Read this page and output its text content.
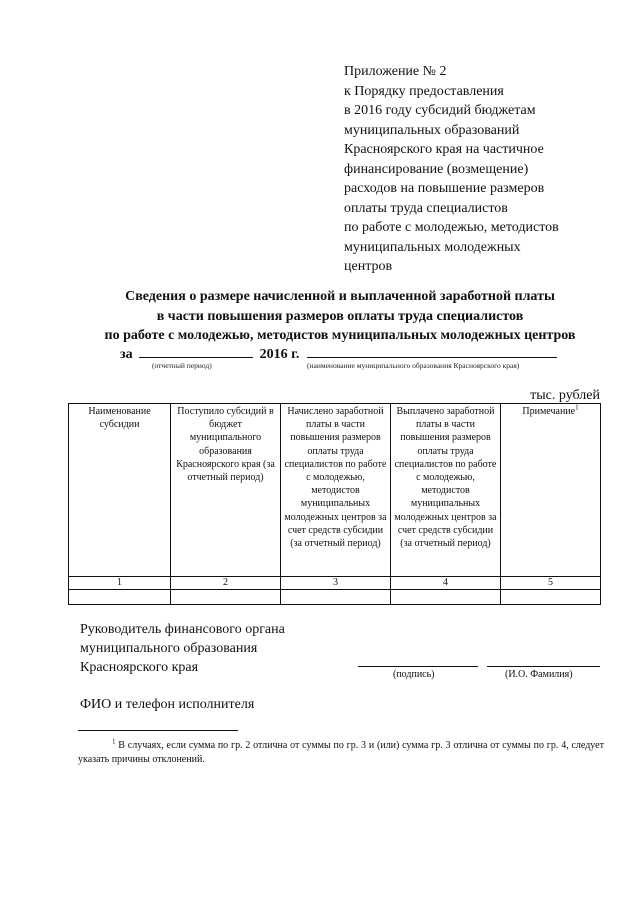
Приложение № 2
к Порядку предоставления
в 2016 году субсидий бюджетам
муниципальных образований
Красноярского края на частичное
финансирование (возмещение)
расходов на повышение размеров
оплаты труда специалистов
по работе с молодежью, методистов
муниципальных молодежных
центров
Сведения о размере начисленной и выплаченной заработной платы
в части повышения размеров оплаты труда специалистов
по работе с молодежью, методистов муниципальных молодежных центров
за	2016 г.
(отчетный период)	(наименование муниципального образования Красноярского края)
тыс. рублей
Наименование субсидии	Поступило субсидий в бюджет муниципального образования Красноярского края (за отчетный период)	Начислено заработной платы в части повышения размеров оплаты труда специалистов по работе с молодежью, методистов муниципальных молодежных центров за счет средств субсидии (за отчетный период)	Выплачено заработной платы в части повышения размеров оплаты труда специалистов по работе с молодежью, методистов муниципальных молодежных центров за счет средств субсидии (за отчетный период)	Примечание$^1$
1	2	3	4	5

Руководитель финансового органа
муниципального образования
Красноярского края	(подпись)	(И.О. Фамилия)
ФИО и телефон исполнителя
$^1$ В случаях, если сумма по гр. 2 отлична от суммы по гр. 3 и (или) сумма гр. 3 отлична от суммы по гр. 4, следует указать причины отклонений.
